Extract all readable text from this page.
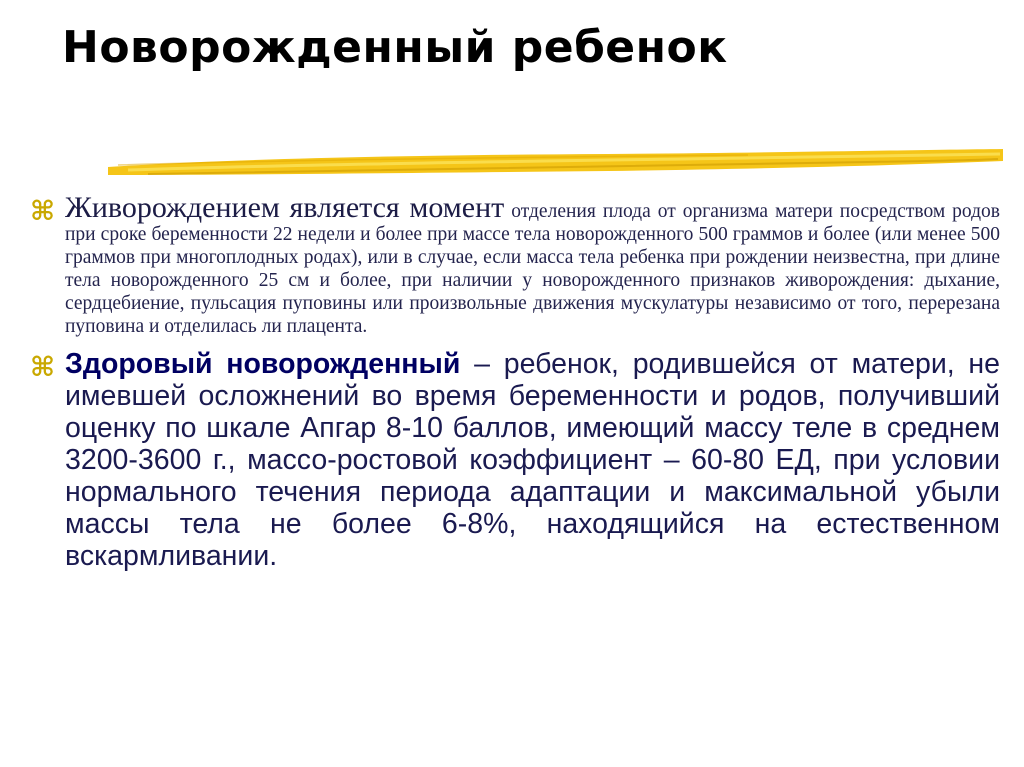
Новорожденный ребенок
⌘ Живорождением является момент отделения плода от организма матери посредством родов при сроке беременности 22 недели и более при массе тела новорожденного 500 граммов и более (или менее 500 граммов при многоплодных родах), или в случае, если масса тела ребенка при рождении неизвестна, при длине тела новорожденного 25 см и более, при наличии у новорожденного признаков живорождения: дыхание, сердцебиение, пульсация пуповины или произвольные движения мускулатуры независимо от того, перерезана пуповина и отделилась ли плацента.
⌘ Здоровый новорожденный – ребенок, родившейся от матери, не имевшей осложнений во время беременности и родов, получивший оценку по шкале Апгар 8-10 баллов, имеющий массу теле в среднем 3200-3600 г., массо-ростовой коэффициент – 60-80 ЕД, при условии нормального течения периода адаптации и максимальной убыли массы тела не более 6-8%, находящийся на естественном вскармливании.
